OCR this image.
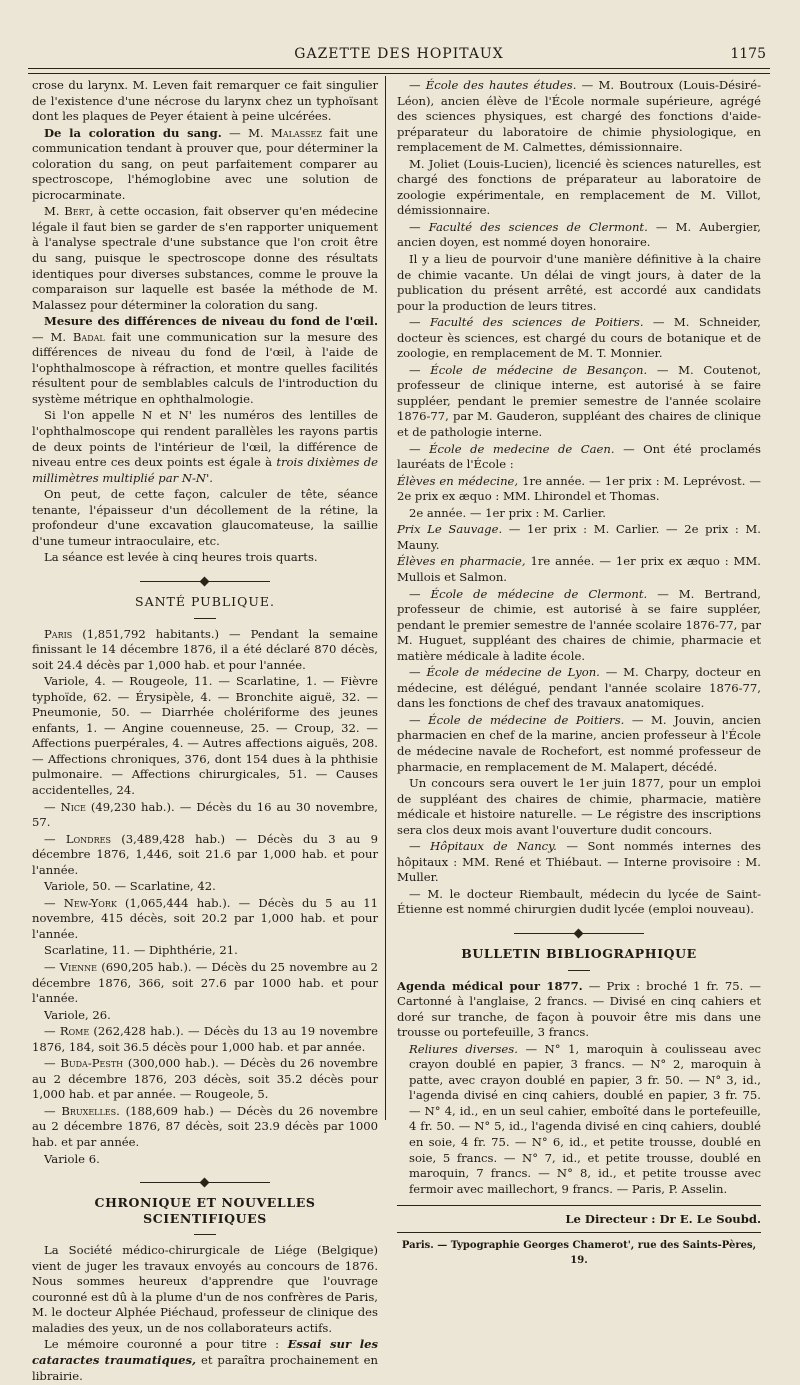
GAZETTE DES HOPITAUX	1175

crose du larynx. M. Leven fait remarquer ce fait singulier de l'existence d'une nécrose du larynx chez un typhoïsant dont les plaques de Peyer étaient à peine ulcérées.

De la coloration du sang. — M. Malassez fait une communication tendant à prouver que, pour déterminer la coloration du sang, on peut parfaitement comparer au spectroscope, l'hémoglobine avec une solution de picrocarminate.

M. Bert, à cette occasion, fait observer qu'en médecine légale il faut bien se garder de s'en rapporter uniquement à l'analyse spectrale d'une substance que l'on croit être du sang, puisque le spectroscope donne des résultats identiques pour diverses substances, comme le prouve la comparaison sur laquelle est basée la méthode de M. Malassez pour déterminer la coloration du sang.

Mesure des différences de niveau du fond de l'œil. — M. Badal fait une communication sur la mesure des différences de niveau du fond de l'œil, à l'aide de l'ophthalmoscope à réfraction, et montre quelles facilités résultent pour de semblables calculs de l'introduction du système métrique en ophthalmologie.

Si l'on appelle N et N' les numéros des lentilles de l'ophthalmoscope qui rendent parallèles les rayons partis de deux points de l'intérieur de l'œil, la différence de niveau entre ces deux points est égale à trois dixièmes de millimètres multiplié par N-N'.

On peut, de cette façon, calculer de tête, séance tenante, l'épaisseur d'un décollement de la rétine, la profondeur d'une excavation glaucomateuse, la saillie d'une tumeur intraoculaire, etc.

La séance est levée à cinq heures trois quarts.

SANTÉ PUBLIQUE.

Paris (1,851,792 habitants.) — Pendant la semaine finissant le 14 décembre 1876, il a été déclaré 870 décès, soit 24.4 décès par 1,000 hab. et pour l'année.

Variole, 4. — Rougeole, 11. — Scarlatine, 1. — Fièvre typhoïde, 62. — Érysipèle, 4. — Bronchite aiguë, 32. — Pneumonie, 50. — Diarrhée cholériforme des jeunes enfants, 1. — Angine couenneuse, 25. — Croup, 32. — Affections puerpérales, 4. — Autres affections aiguës, 208. — Affections chroniques, 376, dont 154 dues à la phthisie pulmonaire. — Affections chirurgicales, 51. — Causes accidentelles, 24.

— Nice (49,230 hab.). — Décès du 16 au 30 novembre, 57.

— Londres (3,489,428 hab.) — Décès du 3 au 9 décembre 1876, 1,446, soit 21.6 par 1,000 hab. et pour l'année.

Variole, 50. — Scarlatine, 42.

— New-York (1,065,444 hab.). — Décès du 5 au 11 novembre, 415 décès, soit 20.2 par 1,000 hab. et pour l'année.

Scarlatine, 11. — Diphthérie, 21.

— Vienne (690,205 hab.). — Décès du 25 novembre au 2 décembre 1876, 366, soit 27.6 par 1000 hab. et pour l'année.

Variole, 26.

— Rome (262,428 hab.). — Décès du 13 au 19 novembre 1876, 184, soit 36.5 décès pour 1,000 hab. et par année.

— Buda-Pesth (300,000 hab.). — Décès du 26 novembre au 2 décembre 1876, 203 décès, soit 35.2 décès pour 1,000 hab. et par année. — Rougeole, 5.

— Bruxelles. (188,609 hab.) — Décès du 26 novembre au 2 décembre 1876, 87 décès, soit 23.9 décès par 1000 hab. et par année.

Variole 6.

CHRONIQUE ET NOUVELLES SCIENTIFIQUES

La Société médico-chirurgicale de Liége (Belgique) vient de juger les travaux envoyés au concours de 1876. Nous sommes heureux d'apprendre que l'ouvrage couronné est dû à la plume d'un de nos confrères de Paris, M. le docteur Alphée Piéchaud, professeur de clinique des maladies des yeux, un de nos collaborateurs actifs.

Le mémoire couronné a pour titre : Essai sur les cataractes traumatiques, et paraîtra prochainement en librairie.

— École des hautes études. — M. Boutroux (Louis-Désiré-Léon), ancien élève de l'École normale supérieure, agrégé des sciences physiques, est chargé des fonctions d'aide-préparateur du laboratoire de chimie physiologique, en remplacement de M. Calmettes, démissionnaire.

M. Joliet (Louis-Lucien), licencié ès sciences naturelles, est chargé des fonctions de préparateur au laboratoire de zoologie expérimentale, en remplacement de M. Villot, démissionnaire.

— Faculté des sciences de Clermont. — M. Aubergier, ancien doyen, est nommé doyen honoraire.

Il y a lieu de pourvoir d'une manière définitive à la chaire de chimie vacante. Un délai de vingt jours, à dater de la publication du présent arrêté, est accordé aux candidats pour la production de leurs titres.

— Faculté des sciences de Poitiers. — M. Schneider, docteur ès sciences, est chargé du cours de botanique et de zoologie, en remplacement de M. T. Monnier.

— École de médecine de Besançon. — M. Coutenot, professeur de clinique interne, est autorisé à se faire suppléer, pendant le premier semestre de l'année scolaire 1876-77, par M. Gauderon, suppléant des chaires de clinique et de pathologie interne.

— École de medecine de Caen. — Ont été proclamés lauréats de l'École :

Élèves en médecine, 1re année. — 1er prix : M. Leprévost. — 2e prix ex æquo : MM. Lhirondel et Thomas.

2e année. — 1er prix : M. Carlier.

Prix Le Sauvage. — 1er prix : M. Carlier. — 2e prix : M. Mauny.

Élèves en pharmacie, 1re année. — 1er prix ex æquo : MM. Mullois et Salmon.

— École de médecine de Clermont. — M. Bertrand, professeur de chimie, est autorisé à se faire suppléer, pendant le premier semestre de l'année scolaire 1876-77, par M. Huguet, suppléant des chaires de chimie, pharmacie et matière médicale à ladite école.

— École de médecine de Lyon. — M. Charpy, docteur en médecine, est délégué, pendant l'année scolaire 1876-77, dans les fonctions de chef des travaux anatomiques.

— École de médecine de Poitiers. — M. Jouvin, ancien pharmacien en chef de la marine, ancien professeur à l'École de médecine navale de Rochefort, est nommé professeur de pharmacie, en remplacement de M. Malapert, décédé.

Un concours sera ouvert le 1er juin 1877, pour un emploi de suppléant des chaires de chimie, pharmacie, matière médicale et histoire naturelle. — Le régistre des inscriptions sera clos deux mois avant l'ouverture dudit concours.

— Hôpitaux de Nancy. — Sont nommés internes des hôpitaux : MM. René et Thiébaut. — Interne provisoire : M. Muller.

— M. le docteur Riembault, médecin du lycée de Saint-Étienne est nommé chirurgien dudit lycée (emploi nouveau).

BULLETIN BIBLIOGRAPHIQUE

Agenda médical pour 1877. — Prix : broché 1 fr. 75. — Cartonné à l'anglaise, 2 francs. — Divisé en cinq cahiers et doré sur tranche, de façon à pouvoir être mis dans une trousse ou portefeuille, 3 francs.

Reliures diverses. — N° 1, maroquin à coulisseau avec crayon doublé en papier, 3 francs. — N° 2, maroquin à patte, avec crayon doublé en papier, 3 fr. 50. — N° 3, id., l'agenda divisé en cinq cahiers, doublé en papier, 3 fr. 75. — N° 4, id., en un seul cahier, emboîté dans le portefeuille, 4 fr. 50. — N° 5, id., l'agenda divisé en cinq cahiers, doublé en soie, 4 fr. 75. — N° 6, id., et petite trousse, doublé en soie, 5 francs. — N° 7, id., et petite trousse, doublé en maroquin, 7 francs. — N° 8, id., et petite trousse avec fermoir avec maillechort, 9 francs. — Paris, P. Asselin.

Le Directeur : Dr E. Le Soubd.
Paris. — Typographie Georges Chamerot', rue des Saints-Pères, 19.
